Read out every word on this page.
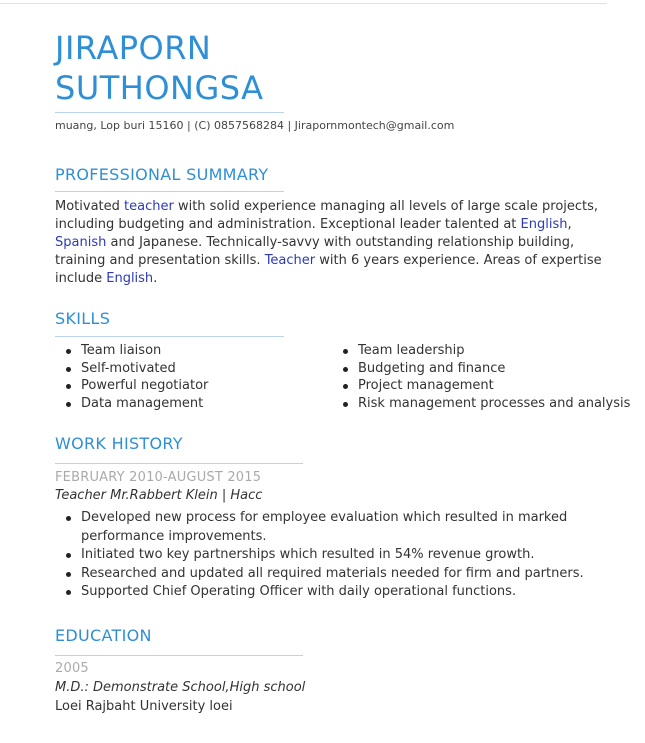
JIRAPORN
SUTHONGSA
muang, Lop buri 15160 | (C) 0857568284 | Jirapornmontech@gmail.com
PROFESSIONAL SUMMARY
Motivated teacher with solid experience managing all levels of large scale projects, including budgeting and administration. Exceptional leader talented at English, Spanish and Japanese. Technically-savvy with outstanding relationship building, training and presentation skills. Teacher with 6 years experience. Areas of expertise include English.
SKILLS
Team liaison
Self-motivated
Powerful negotiator
Data management
Team leadership
Budgeting and finance
Project management
Risk management processes and analysis
WORK HISTORY
FEBRUARY 2010-AUGUST 2015
Teacher Mr.Rabbert Klein | Hacc
Developed new process for employee evaluation which resulted in marked performance improvements.
Initiated two key partnerships which resulted in 54% revenue growth.
Researched and updated all required materials needed for firm and partners.
Supported Chief Operating Officer with daily operational functions.
EDUCATION
2005
M.D.: Demonstrate School,High school
Loei Rajbaht University loei
